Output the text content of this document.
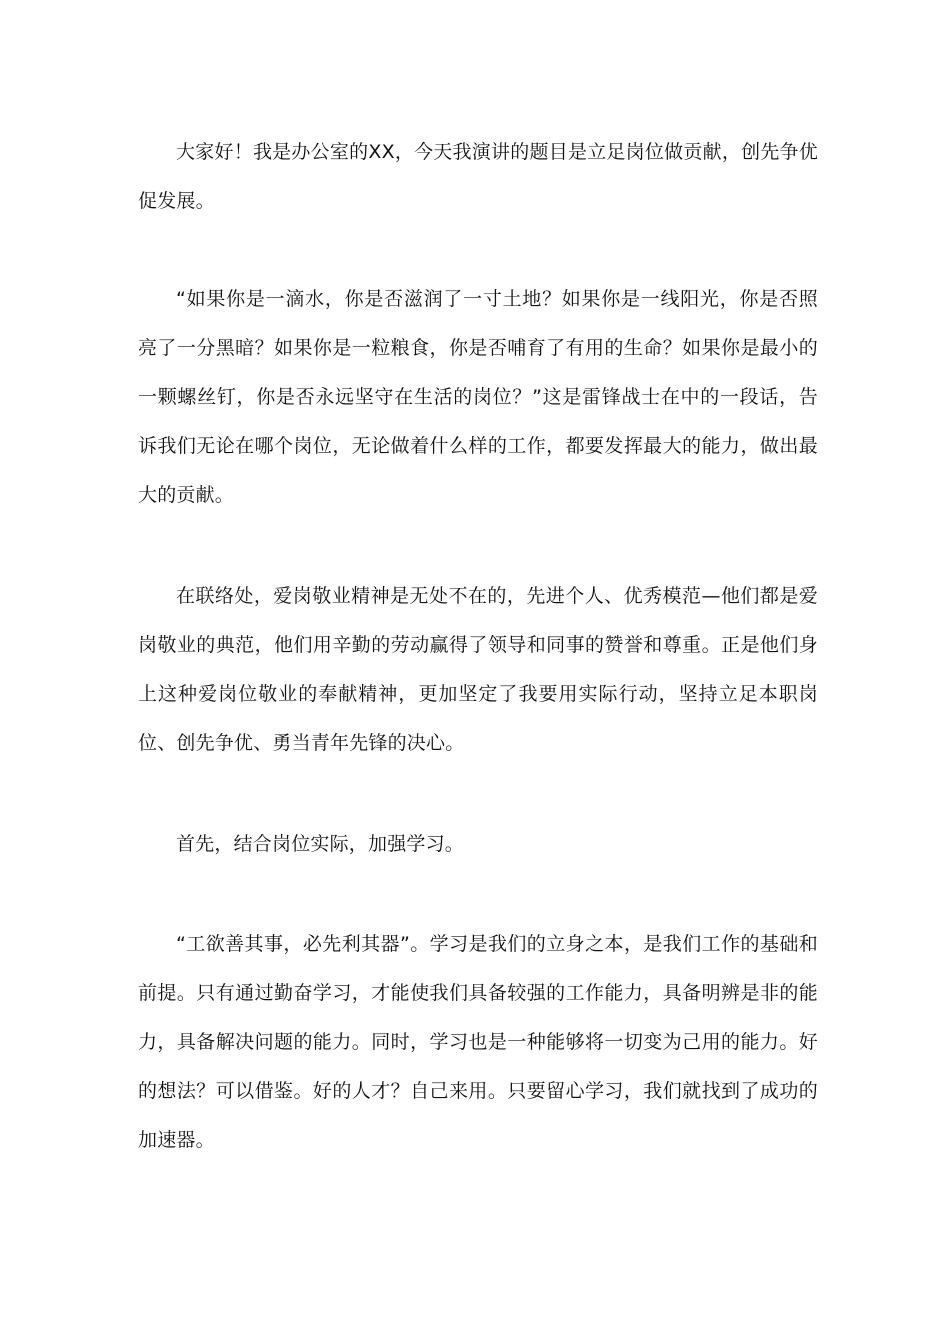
大家好！我是办公室的XX，今天我演讲的题目是立足岗位做贡献，创先争优促发展。

“如果你是一滴水，你是否滋润了一寸土地？如果你是一线阳光，你是否照亮了一分黑暗？如果你是一粒粮食，你是否哺育了有用的生命？如果你是最小的一颗螺丝钉，你是否永远坚守在生活的岗位？”这是雷锋战士在中的一段话，告诉我们无论在哪个岗位，无论做着什么样的工作，都要发挥最大的能力，做出最大的贡献。

在联络处，爱岗敬业精神是无处不在的，先进个人、优秀模范—他们都是爱岗敬业的典范，他们用辛勤的劳动赢得了领导和同事的赞誉和尊重。正是他们身上这种爱岗位敬业的奉献精神，更加坚定了我要用实际行动，坚持立足本职岗位、创先争优、勇当青年先锋的决心。

首先，结合岗位实际，加强学习。

“工欲善其事，必先利其器”。学习是我们的立身之本，是我们工作的基础和前提。只有通过勤奋学习，才能使我们具备较强的工作能力，具备明辨是非的能力，具备解决问题的能力。同时，学习也是一种能够将一切变为己用的能力。好的想法？可以借鉴。好的人才？自己来用。只要留心学习，我们就找到了成功的加速器。
